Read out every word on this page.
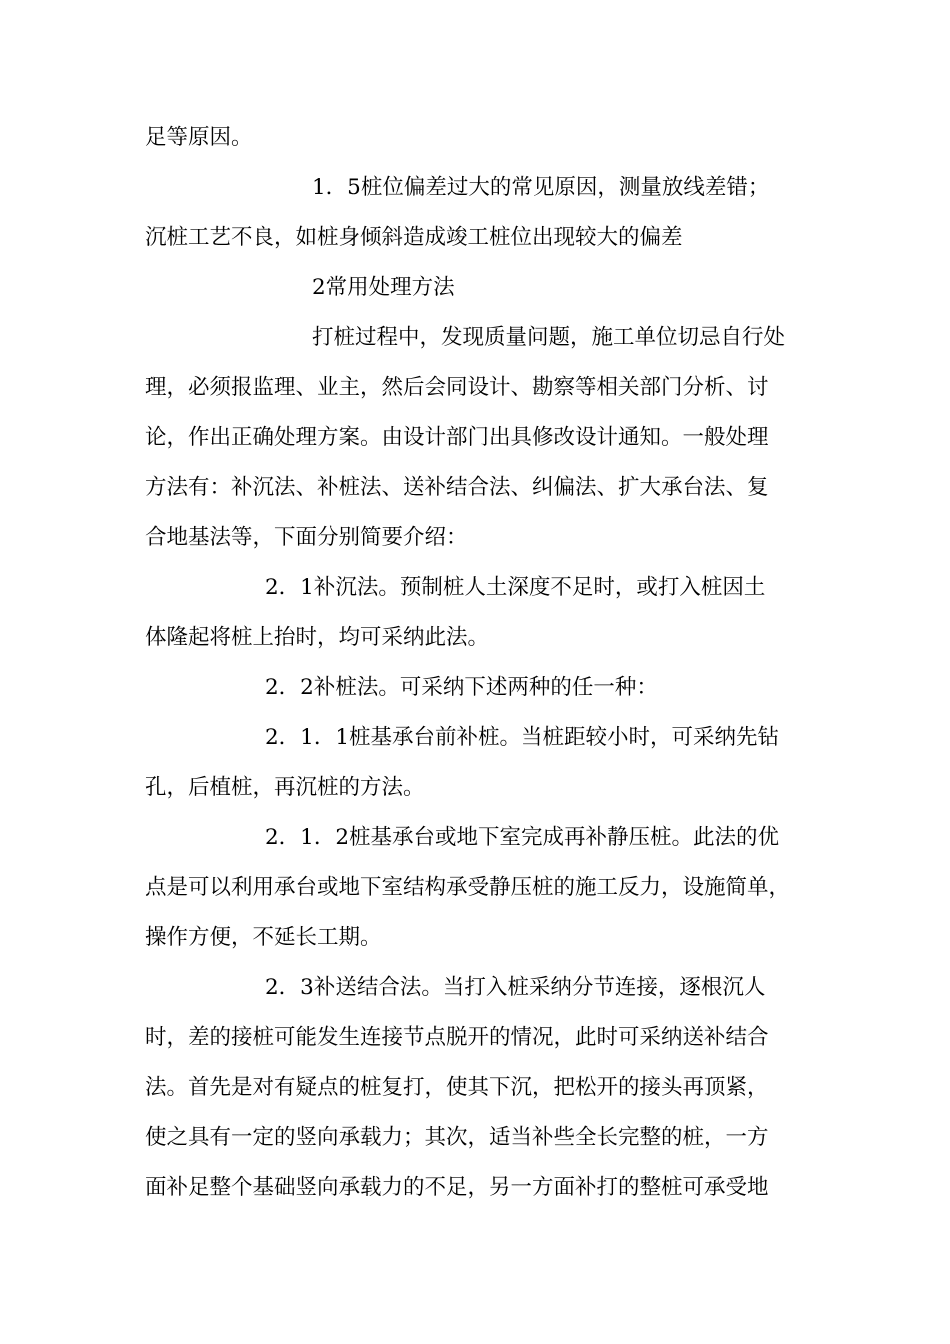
足等原因。

1．5桩位偏差过大的常见原因，测量放线差错；

沉桩工艺不良，如桩身倾斜造成竣工桩位出现较大的偏差

2常用处理方法

打桩过程中，发现质量问题，施工单位切忌自行处

理，必须报监理、业主，然后会同设计、勘察等相关部门分析、讨

论，作出正确处理方案。由设计部门出具修改设计通知。一般处理

方法有：补沉法、补桩法、送补结合法、纠偏法、扩大承台法、复

合地基法等，下面分别简要介绍：

2．1补沉法。预制桩人土深度不足时，或打入桩因土

体隆起将桩上抬时，均可采纳此法。

2．2补桩法。可采纳下述两种的任一种：

2．1．1桩基承台前补桩。当桩距较小时，可采纳先钻

孔，后植桩，再沉桩的方法。

2．1．2桩基承台或地下室完成再补静压桩。此法的优

点是可以利用承台或地下室结构承受静压桩的施工反力，设施简单，

操作方便，不延长工期。

2．3补送结合法。当打入桩采纳分节连接，逐根沉人

时，差的接桩可能发生连接节点脱开的情况，此时可采纳送补结合

法。首先是对有疑点的桩复打，使其下沉，把松开的接头再顶紧，

使之具有一定的竖向承载力；其次，适当补些全长完整的桩，一方

面补足整个基础竖向承载力的不足，另一方面补打的整桩可承受地
